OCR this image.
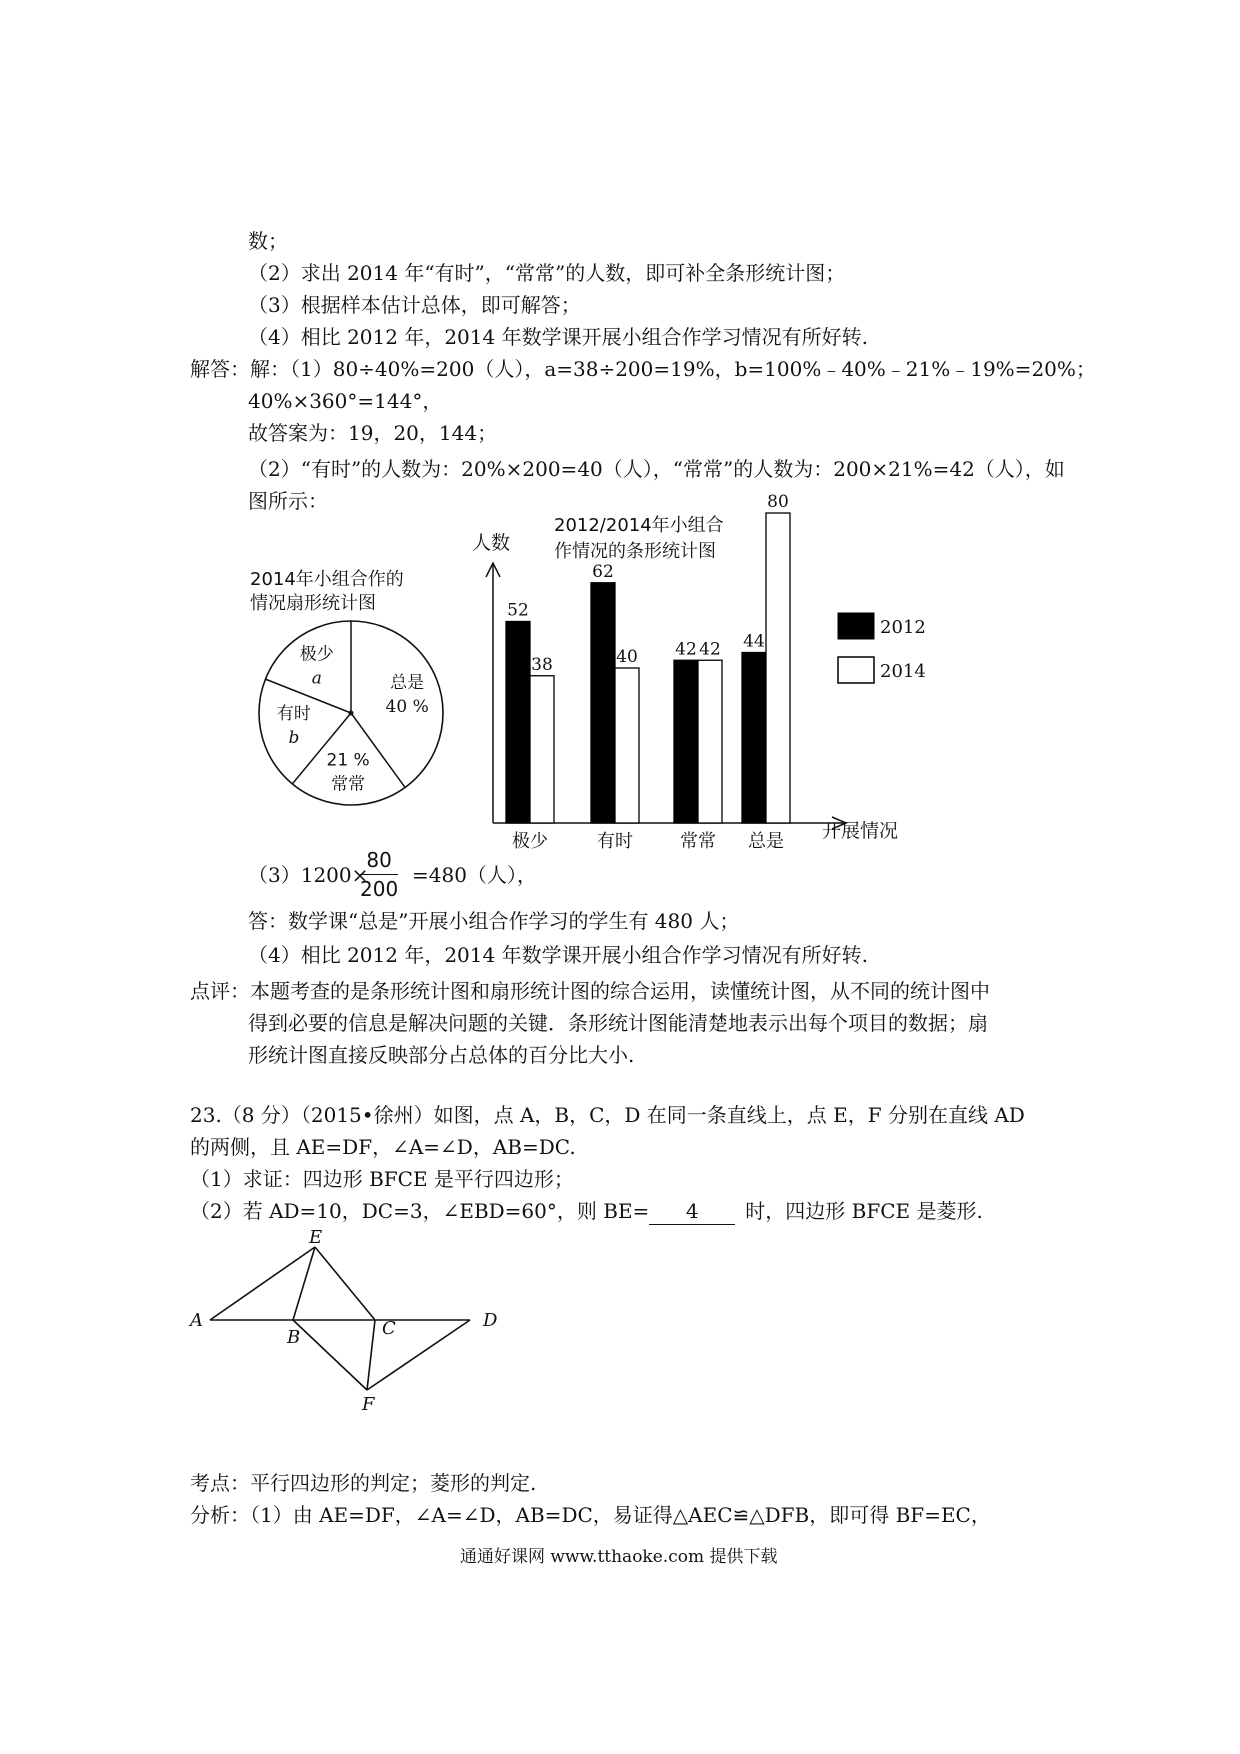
数；
（2）求出 2014 年“有时”，“常常”的人数，即可补全条形统计图；
（3）根据样本估计总体，即可解答；
（4）相比 2012 年，2014 年数学课开展小组合作学习情况有所好转.
解答：解：（1）80÷40%=200（人），a=38÷200=19%，b=100%﹣40%﹣21%﹣19%=20%；
40%×360°=144°，
故答案为：19，20，144；
（2）“有时”的人数为：20%×200=40（人），“常常”的人数为：200×21%=42（人），如
图所示：
2014年小组合作的
情况扇形统计图
总是
40 %
21 %
常常
有时
b
极少
a
2012/2014年小组合
作情况的条形统计图
人数
开展情况
52
38
极少
62
40
有时
42 42
常常
44
80
总是
2012
2014
（3）1200×
$\frac{80}{200} =480$（人），
答：数学课“总是”开展小组合作学习的学生有 480 人；
（4）相比 2012 年，2014 年数学课开展小组合作学习情况有所好转.
点评：本题考查的是条形统计图和扇形统计图的综合运用，读懂统计图，从不同的统计图中
得到必要的信息是解决问题的关键．条形统计图能清楚地表示出每个项目的数据；扇
形统计图直接反映部分占总体的百分比大小.
23.（8 分）（2015•徐州）如图，点 A，B，C，D 在同一条直线上，点 E，F 分别在直线 AD
的两侧，且 AE=DF，∠A=∠D，AB=DC.
（1）求证：四边形 BFCE 是平行四边形；
（2）若 AD=10，DC=3，∠EBD=60°，则 BE= 4 时，四边形 BFCE 是菱形.
A
B	C	D
E
F
考点：平行四边形的判定；菱形的判定.
分析：（1）由 AE=DF，∠A=∠D，AB=DC，易证得△AEC≌△DFB，即可得 BF=EC，
通通好课网 www.tthaoke.com 提供下载
